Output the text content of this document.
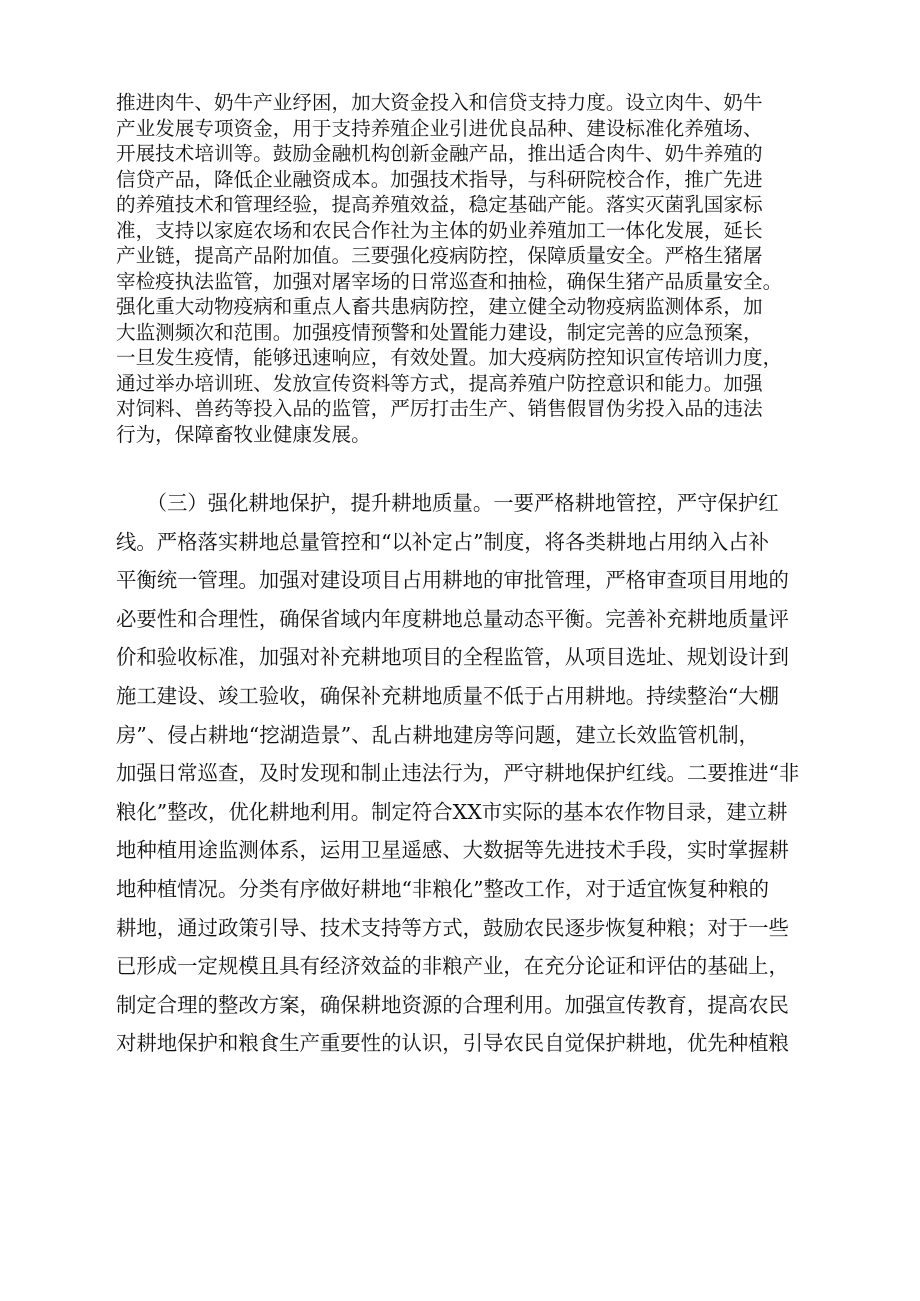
推进肉牛、奶牛产业纾困，加大资金投入和信贷支持力度。设立肉牛、奶牛
产业发展专项资金，用于支持养殖企业引进优良品种、建设标准化养殖场、
开展技术培训等。鼓励金融机构创新金融产品，推出适合肉牛、奶牛养殖的
信贷产品，降低企业融资成本。加强技术指导，与科研院校合作，推广先进
的养殖技术和管理经验，提高养殖效益，稳定基础产能。落实灭菌乳国家标
准，支持以家庭农场和农民合作社为主体的奶业养殖加工一体化发展，延长
产业链，提高产品附加值。三要强化疫病防控，保障质量安全。严格生猪屠
宰检疫执法监管，加强对屠宰场的日常巡查和抽检，确保生猪产品质量安全。
强化重大动物疫病和重点人畜共患病防控，建立健全动物疫病监测体系，加
大监测频次和范围。加强疫情预警和处置能力建设，制定完善的应急预案，
一旦发生疫情，能够迅速响应，有效处置。加大疫病防控知识宣传培训力度，
通过举办培训班、发放宣传资料等方式，提高养殖户防控意识和能力。加强
对饲料、兽药等投入品的监管，严厉打击生产、销售假冒伪劣投入品的违法
行为，保障畜牧业健康发展。
　　（三）强化耕地保护，提升耕地质量。一要严格耕地管控，严守保护红
线。严格落实耕地总量管控和“以补定占”制度，将各类耕地占用纳入占补
平衡统一管理。加强对建设项目占用耕地的审批管理，严格审查项目用地的
必要性和合理性，确保省域内年度耕地总量动态平衡。完善补充耕地质量评
价和验收标准，加强对补充耕地项目的全程监管，从项目选址、规划设计到
施工建设、竣工验收，确保补充耕地质量不低于占用耕地。持续整治“大棚
房”、侵占耕地“挖湖造景”、乱占耕地建房等问题，建立长效监管机制，
加强日常巡查，及时发现和制止违法行为，严守耕地保护红线。二要推进“非
粮化”整改，优化耕地利用。制定符合XX市实际的基本农作物目录，建立耕
地种植用途监测体系，运用卫星遥感、大数据等先进技术手段，实时掌握耕
地种植情况。分类有序做好耕地“非粮化”整改工作，对于适宜恢复种粮的
耕地，通过政策引导、技术支持等方式，鼓励农民逐步恢复种粮；对于一些
已形成一定规模且具有经济效益的非粮产业，在充分论证和评估的基础上，
制定合理的整改方案，确保耕地资源的合理利用。加强宣传教育，提高农民
对耕地保护和粮食生产重要性的认识，引导农民自觉保护耕地，优先种植粮
